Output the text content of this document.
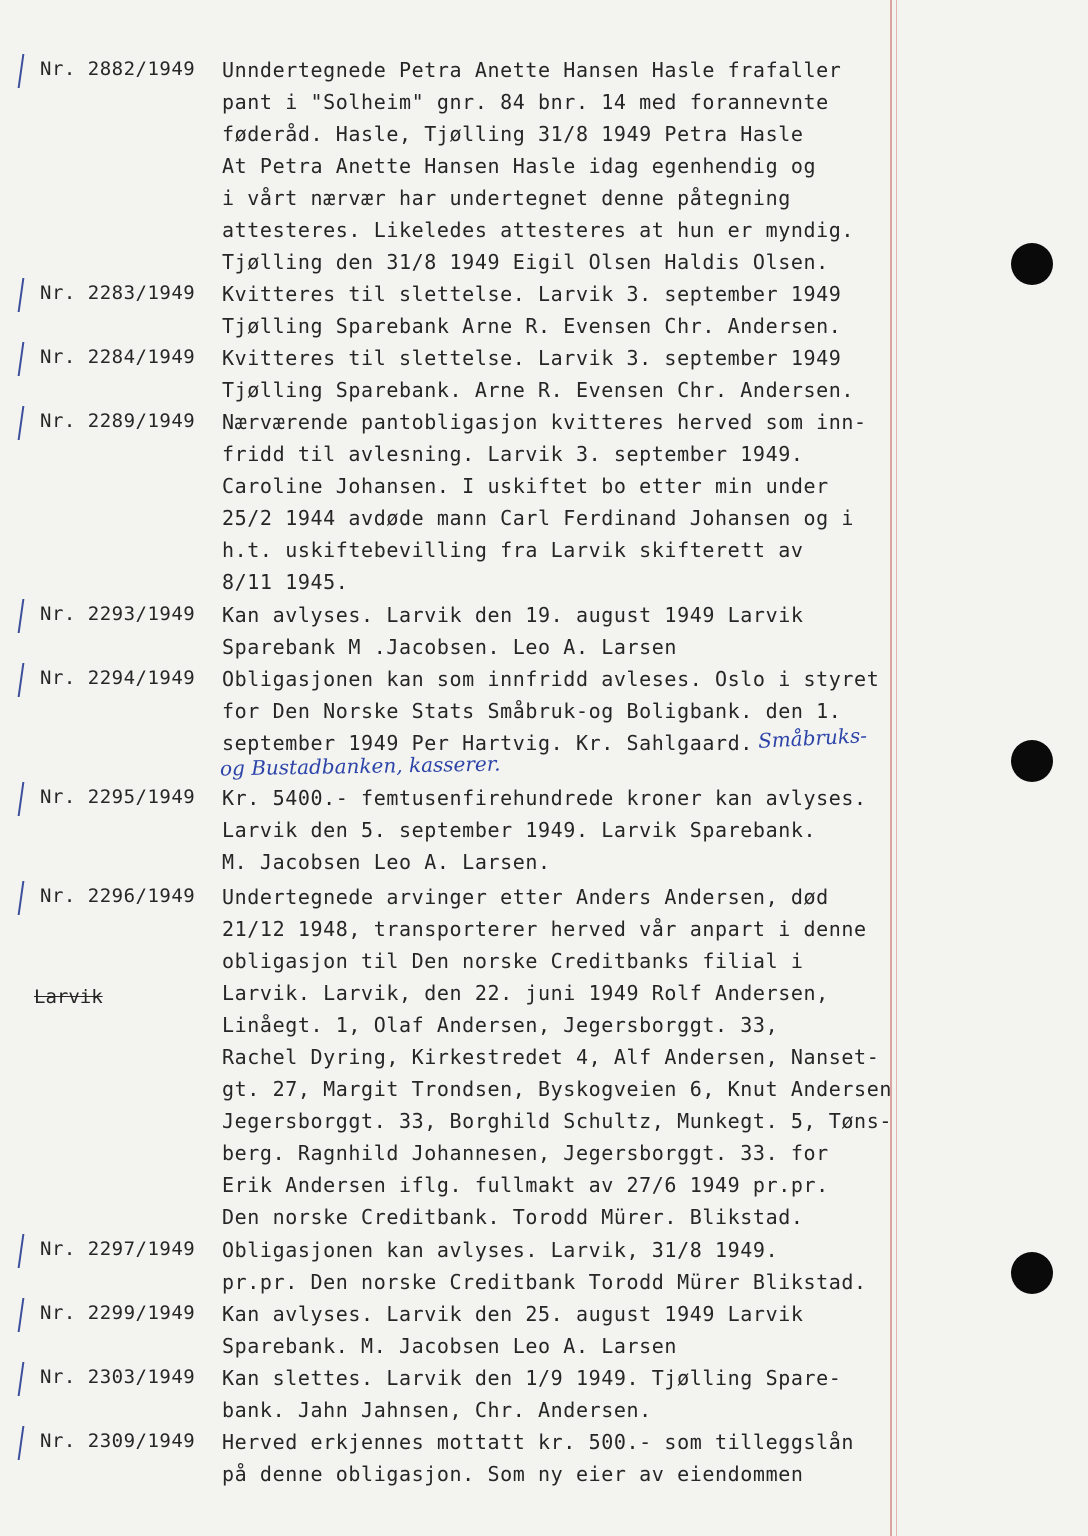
Nr. 2882/1949 Unndertegnede Petra Anette Hansen Hasle frafaller
pant i "Solheim" gnr. 84 bnr. 14 med forannevnte
føderåd. Hasle, Tjølling 31/8 1949 Petra Hasle
At Petra Anette Hansen Hasle idag egenhendig og
i vårt nærvær har undertegnet denne påtegning
attesteres. Likeledes attesteres at hun er myndig.
Tjølling den 31/8 1949 Eigil Olsen Haldis Olsen.
Nr. 2283/1949 Kvitteres til slettelse. Larvik 3. september 1949
Tjølling Sparebank Arne R. Evensen Chr. Andersen.
Nr. 2284/1949 Kvitteres til slettelse. Larvik 3. september 1949
Tjølling Sparebank. Arne R. Evensen Chr. Andersen.
Nr. 2289/1949 Nærværende pantobligasjon kvitteres herved som inn-
fridd til avlesning. Larvik 3. september 1949.
Caroline Johansen. I uskiftet bo etter min under
25/2 1944 avdøde mann Carl Ferdinand Johansen og i
h.t. uskiftebevilling fra Larvik skifterett av
8/11 1945.
Nr. 2293/1949 Kan avlyses. Larvik den 19. august 1949 Larvik
Sparebank M .Jacobsen. Leo A. Larsen
Nr. 2294/1949 Obligasjonen kan som innfridd avleses. Oslo i styret
for Den Norske Stats Småbruk-og Boligbank. den 1.
september 1949 Per Hartvig. Kr. Sahlgaard.
Nr. 2295/1949 Kr. 5400.- femtusenfirehundrede kroner kan avlyses.
Larvik den 5. september 1949. Larvik Sparebank.
M. Jacobsen Leo A. Larsen.
Nr. 2296/1949 Undertegnede arvinger etter Anders Andersen, død
21/12 1948, transporterer herved vår anpart i denne
obligasjon til Den norske Creditbanks filial i
Larvik. Larvik, den 22. juni 1949 Rolf Andersen,
Linåegt. 1, Olaf Andersen, Jegersborggt. 33,
Rachel Dyring, Kirkestredet 4, Alf Andersen, Nanset-
gt. 27, Margit Trondsen, Byskogveien 6, Knut Andersen
Jegersborggt. 33, Borghild Schultz, Munkegt. 5, Tøns-
berg. Ragnhild Johannesen, Jegersborggt. 33. for
Erik Andersen iflg. fullmakt av 27/6 1949 pr.pr.
Den norske Creditbank. Torodd Mürer. Blikstad.
Nr. 2297/1949 Obligasjonen kan avlyses. Larvik, 31/8 1949.
pr.pr. Den norske Creditbank Torodd Mürer Blikstad.
Nr. 2299/1949 Kan avlyses. Larvik den 25. august 1949 Larvik
Sparebank. M. Jacobsen Leo A. Larsen
Nr. 2303/1949 Kan slettes. Larvik den 1/9 1949. Tjølling Spare-
bank. Jahn Jahnsen, Chr. Andersen.
Nr. 2309/1949 Herved erkjennes mottatt kr. 500.- som tilleggslån
på denne obligasjon. Som ny eier av eiendommen
Larvik
Småbruks-
og Bustadbanken, kasserer.
